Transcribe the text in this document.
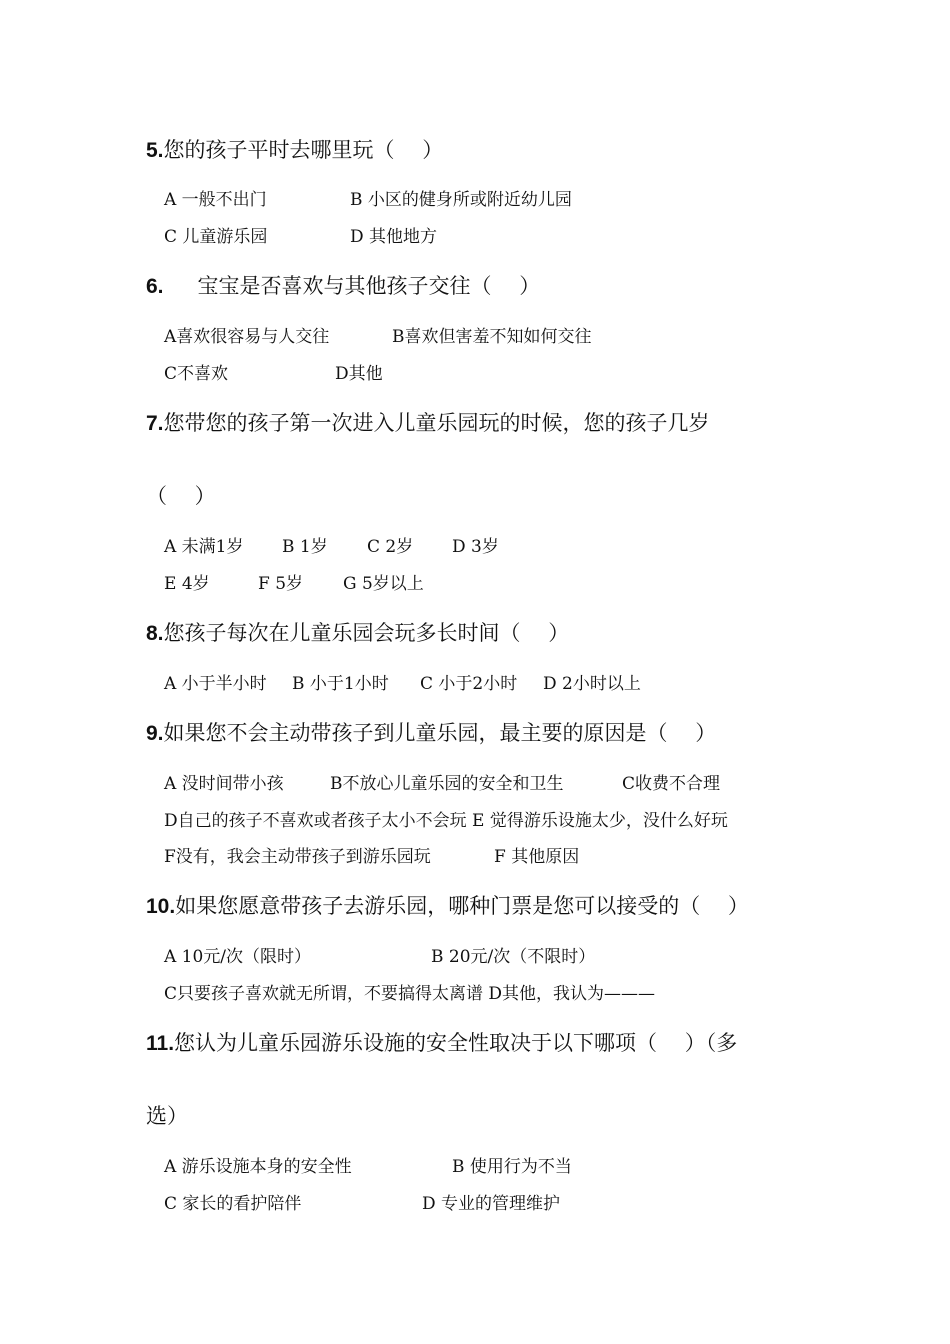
5.您的孩子平时去哪里玩（　 ）
A 一般不出门	B 小区的健身所或附近幼儿园
C 儿童游乐园	D 其他地方
6. 宝宝是否喜欢与其他孩子交往（　 ）
A喜欢很容易与人交往	B喜欢但害羞不知如何交往
C不喜欢	D其他
7.您带您的孩子第一次进入儿童乐园玩的时候，您的孩子几岁
（　 ）
A 未满1岁 B 1岁 C 2岁 D 3岁
E 4岁	F 5岁 G 5岁以上
8.您孩子每次在儿童乐园会玩多长时间（　 ）
A 小于半小时 B 小于1小时 C 小于2小时 D 2小时以上
9.如果您不会主动带孩子到儿童乐园，最主要的原因是（　 ）
A 没时间带小孩	B不放心儿童乐园的安全和卫生	C收费不合理
D自己的孩子不喜欢或者孩子太小不会玩 E 觉得游乐设施太少，没什么好玩
F没有，我会主动带孩子到游乐园玩	F 其他原因
10.如果您愿意带孩子去游乐园，哪种门票是您可以接受的（　 ）
A 10元/次（限时）	B 20元/次（不限时）
C只要孩子喜欢就无所谓，不要搞得太离谱 D其他，我认为———
11.您认为儿童乐园游乐设施的安全性取决于以下哪项（　 ）（多
选）
A 游乐设施本身的安全性	B 使用行为不当
C 家长的看护陪伴	D 专业的管理维护
